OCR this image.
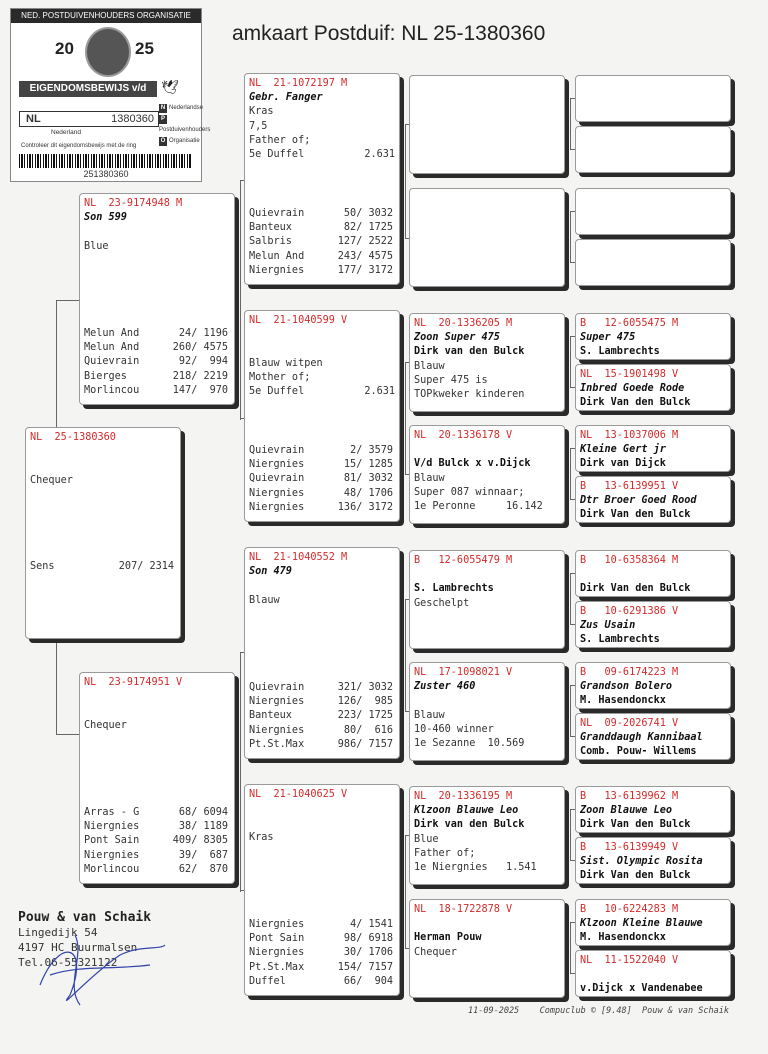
amkaart Postduif: NL 25-1380360
NED. POSTDUIVENHOUDERS ORGANISATIE
20	25
EIGENDOMSBEWIJS v/d RING
🕊
N Nederlandse
PPostduivenhouders
O Organisatie
NL	1380360
Nederland
Controleer dit eigendomsbewijs met de ring
251380360
NL  25-1380360
Chequer
Sens	207/ 2314
NL  23-9174948 M
Son 599
Blue
Melun And	24/ 1196
Melun And	260/ 4575
Quievrain	92/  994
Bierges	218/ 2219
Morlincou	147/  970
NL  23-9174951 V
Chequer
Arras - G	68/ 6094
Niergnies	38/ 1189
Pont Sain	409/ 8305
Niergnies	39/  687
Morlincou	62/  870
NL  21-1072197 M
Gebr. Fanger
Kras
7,5
Father of;
5e Duffel	2.631
Quievrain	50/ 3032
Banteux	82/ 1725
Salbris	127/ 2522
Melun And	243/ 4575
Niergnies	177/ 3172
NL  21-1040599 V
Blauw witpen
Mother of;
5e Duffel	2.631
Quievrain	2/ 3579
Niergnies	15/ 1285
Quievrain	81/ 3032
Niergnies	48/ 1706
Niergnies	136/ 3172
NL  21-1040552 M
Son 479
Blauw
Quievrain	321/ 3032
Niergnies	126/  985
Banteux	223/ 1725
Niergnies	80/  616
Pt.St.Max	986/ 7157
NL  21-1040625 V
Kras
Niergnies	4/ 1541
Pont Sain	98/ 6918
Niergnies	30/ 1706
Pt.St.Max	154/ 7157
Duffel	66/  904
NL  20-1336205 M
Zoon Super 475
Dirk van den Bulck
Blauw
Super 475 is
TOPkweker kinderen
NL  20-1336178 V
V/d Bulck x v.Dijck
Blauw
Super 087 winnaar;
1e Peronne     16.142
B   12-6055479 M
S. Lambrechts
Geschelpt
NL  17-1098021 V
Zuster 460
Blauw
10-460 winner
1e Sezanne  10.569
NL  20-1336195 M
Klzoon Blauwe Leo
Dirk van den Bulck
Blue
Father of;
1e Niergnies   1.541
NL  18-1722878 V
Herman Pouw
Chequer
B   12-6055475 M
Super 475
S. Lambrechts
NL  15-1901498 V
Inbred Goede Rode
Dirk Van den Bulck
NL  13-1037006 M
Kleine Gert jr
Dirk van Dijck
B   13-6139951 V
Dtr Broer Goed Rood
Dirk Van den Bulck
B   10-6358364 M
Dirk Van den Bulck
B   10-6291386 V
Zus Usain
S. Lambrechts
B   09-6174223 M
Grandson Bolero
M. Hasendonckx
NL  09-2026741 V
Granddaugh Kannibaal
Comb. Pouw- Willems
B   13-6139962 M
Zoon Blauwe Leo
Dirk Van den Bulck
B   13-6139949 V
Sist. Olympic Rosita
Dirk Van den Bulck
B   10-6224283 M
Klzoon Kleine Blauwe
M. Hasendonckx
NL  11-1522040 V
v.Dijck x Vandenabee
Pouw & van Schaik
Lingedijk 54
4197 HC Buurmalsen
Tel.06-55321122
11-09-2025    Compuclub © [9.48]  Pouw & van Schaik
